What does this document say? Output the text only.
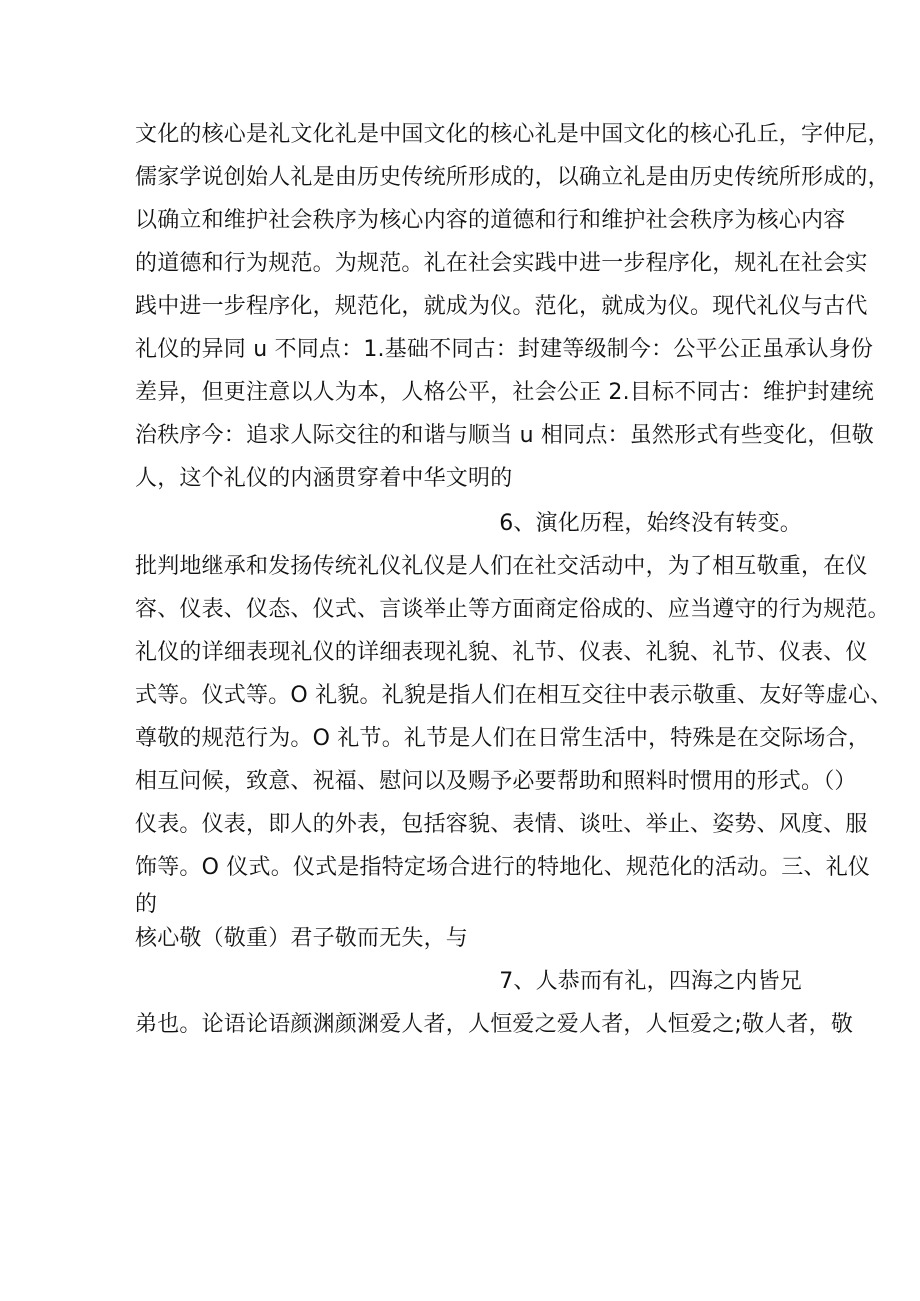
文化的核心是礼文化礼是中国文化的核心礼是中国文化的核心孔丘，字仲尼，
儒家学说创始人礼是由历史传统所形成的，以确立礼是由历史传统所形成的，
以确立和维护社会秩序为核心内容的道德和行和维护社会秩序为核心内容
的道德和行为规范。为规范。礼在社会实践中进一步程序化，规礼在社会实
践中进一步程序化，规范化，就成为仪。范化，就成为仪。现代礼仪与古代
礼仪的异同 u 不同点：1.基础不同古：封建等级制今：公平公正虽承认身份
差异，但更注意以人为本，人格公平，社会公正 2.目标不同古：维护封建统
治秩序今：追求人际交往的和谐与顺当 u 相同点：虽然形式有些变化，但敬
人，这个礼仪的内涵贯穿着中华文明的
6、演化历程，始终没有转变。
批判地继承和发扬传统礼仪礼仪是人们在社交活动中，为了相互敬重，在仪
容、仪表、仪态、仪式、言谈举止等方面商定俗成的、应当遵守的行为规范。
礼仪的详细表现礼仪的详细表现礼貌、礼节、仪表、礼貌、礼节、仪表、仪
式等。仪式等。O 礼貌。礼貌是指人们在相互交往中表示敬重、友好等虚心、
尊敬的规范行为。O 礼节。礼节是人们在日常生活中，特殊是在交际场合，
相互问候，致意、祝福、慰问以及赐予必要帮助和照料时惯用的形式。（）
仪表。仪表，即人的外表，包括容貌、表情、谈吐、举止、姿势、风度、服
饰等。O 仪式。仪式是指特定场合进行的特地化、规范化的活动。三、礼仪
的
核心敬（敬重）君子敬而无失，与
7、人恭而有礼，四海之内皆兄
弟也。论语论语颜渊颜渊爱人者，人恒爱之爱人者，人恒爱之;敬人者，敬
